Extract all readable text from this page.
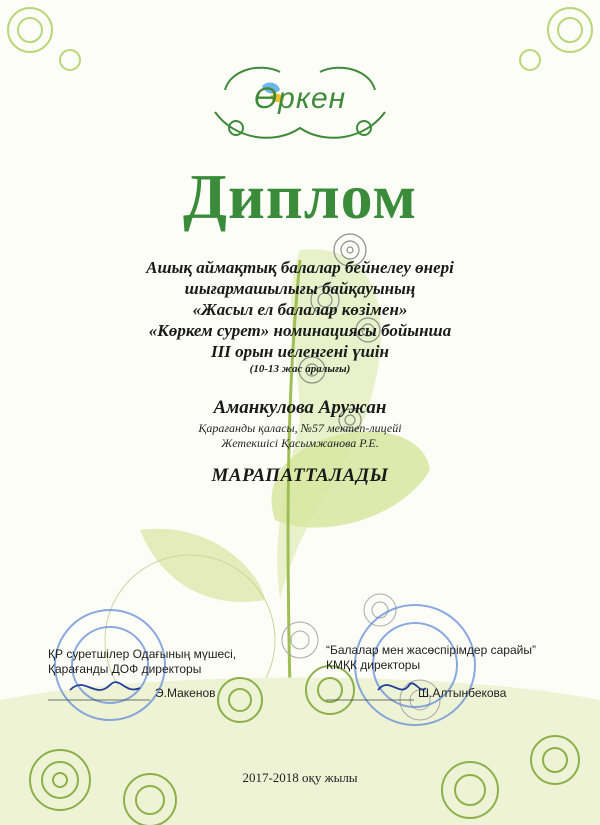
Өркен
Диплом
Ашық аймақтық балалар бейнелеу өнері
шығармашылығы байқауының
«Жасыл ел балалар көзімен»
«Көркем сурет» номинациясы бойынша
ІІІ орын иеленгені үшін
(10-13 жас аралығы)
Аманкулова Аружан
Қарағанды қаласы, №57 мектеп-лицейі
Жетекшісі Қасымжанова Р.Е.
МАРАПАТТАЛАДЫ
ҚР суретшілер Одағының мүшесі,
Қарағанды ДОФ директоры
Э.Макенов
“Балалар мен жасөспірімдер сарайы”
КМҚК директоры
Ш.Алтынбекова
2017-2018 оқу жылы
